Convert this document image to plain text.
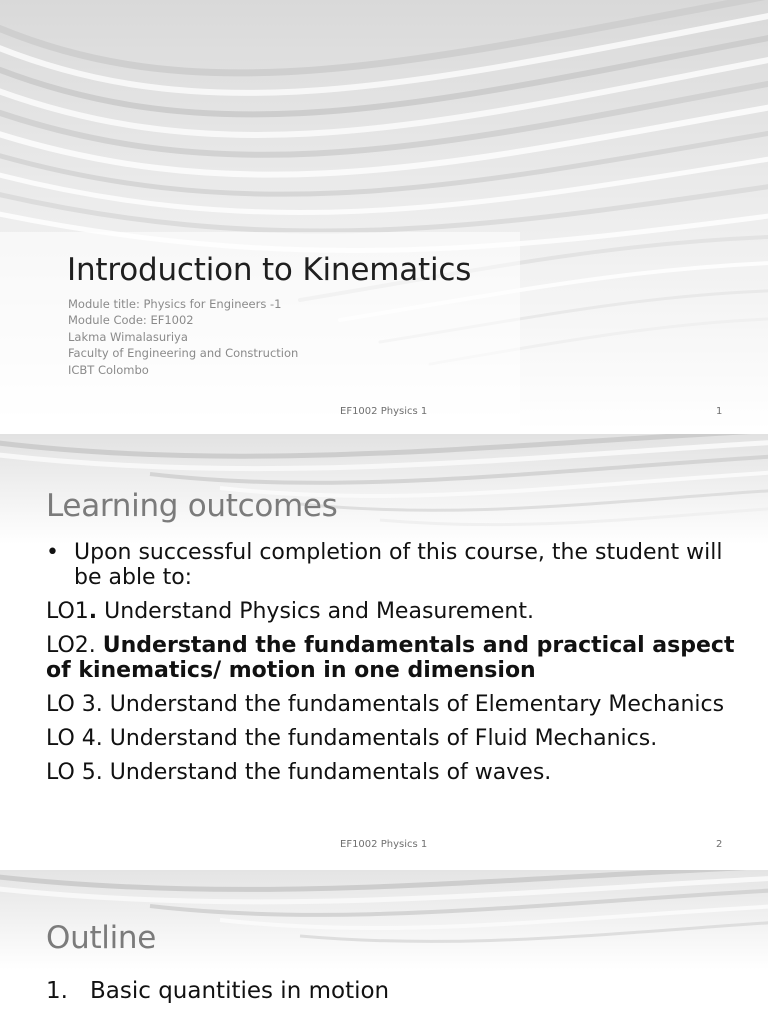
Introduction to Kinematics
Module title: Physics for Engineers -1
Module Code: EF1002
Lakma Wimalasuriya
Faculty of Engineering and Construction
ICBT Colombo
EF1002 Physics 1	1
Learning outcomes
• Upon successful completion of this course, the student will be able to:
LO1. Understand Physics and Measurement.
LO2. Understand the fundamentals and practical aspect of kinematics/ motion in one dimension
LO 3. Understand the fundamentals of Elementary Mechanics
LO 4. Understand the fundamentals of Fluid Mechanics.
LO 5. Understand the fundamentals of waves.
EF1002 Physics 1	2
Outline
1. Basic quantities in motion
